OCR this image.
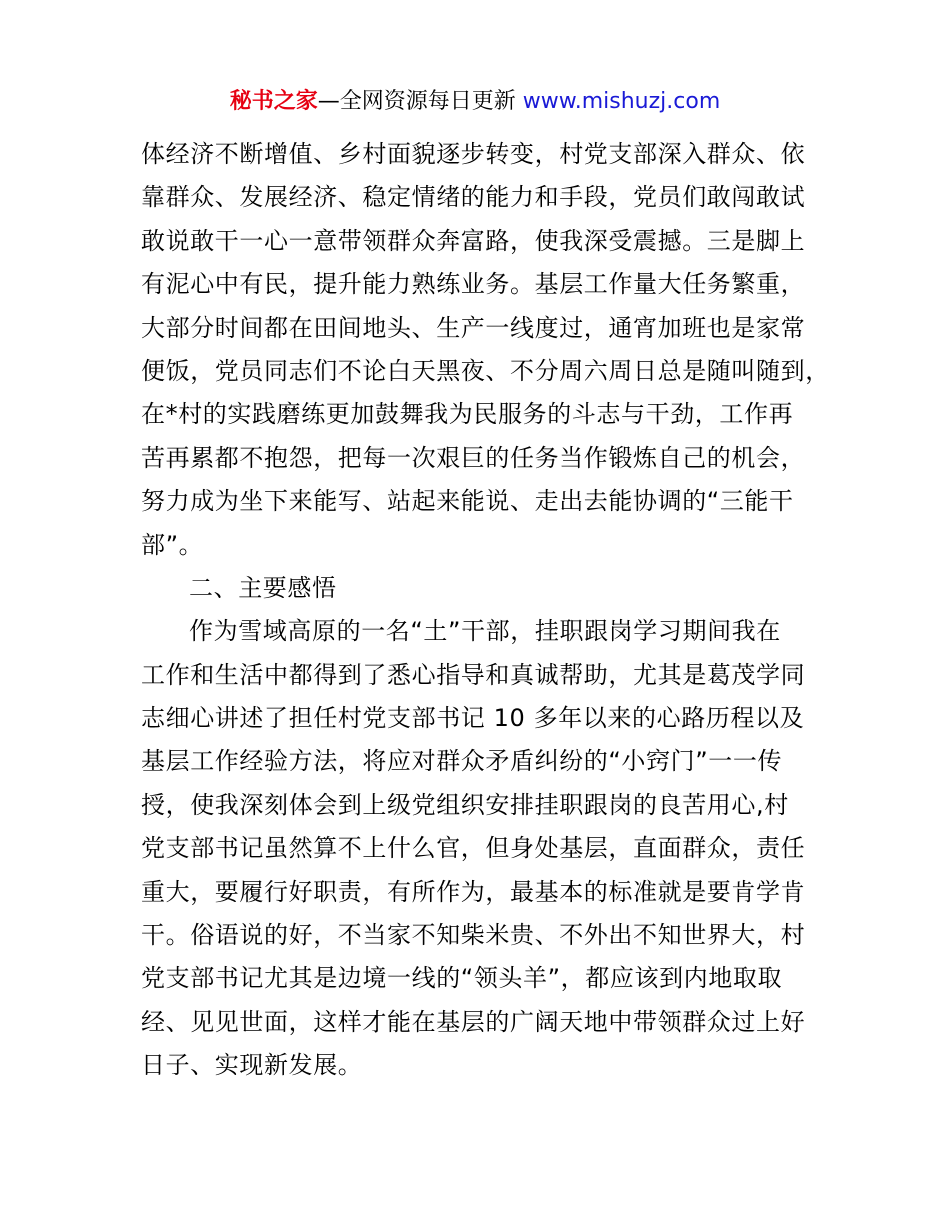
秘书之家—全网资源每日更新 www.mishuzj.com
体经济不断增值、乡村面貌逐步转变，村党支部深入群众、依
靠群众、发展经济、稳定情绪的能力和手段，党员们敢闯敢试
敢说敢干一心一意带领群众奔富路，使我深受震撼。三是脚上
有泥心中有民，提升能力熟练业务。基层工作量大任务繁重，
大部分时间都在田间地头、生产一线度过，通宵加班也是家常
便饭，党员同志们不论白天黑夜、不分周六周日总是随叫随到，
在*村的实践磨练更加鼓舞我为民服务的斗志与干劲，工作再
苦再累都不抱怨，把每一次艰巨的任务当作锻炼自己的机会，
努力成为坐下来能写、站起来能说、走出去能协调的“三能干
部”。
二、主要感悟
作为雪域高原的一名“土”干部，挂职跟岗学习期间我在
工作和生活中都得到了悉心指导和真诚帮助，尤其是葛茂学同
志细心讲述了担任村党支部书记 10 多年以来的心路历程以及
基层工作经验方法，将应对群众矛盾纠纷的“小窍门”一一传
授，使我深刻体会到上级党组织安排挂职跟岗的良苦用心,村
党支部书记虽然算不上什么官，但身处基层，直面群众，责任
重大，要履行好职责，有所作为，最基本的标准就是要肯学肯
干。俗语说的好，不当家不知柴米贵、不外出不知世界大，村
党支部书记尤其是边境一线的“领头羊”，都应该到内地取取
经、见见世面，这样才能在基层的广阔天地中带领群众过上好
日子、实现新发展。
